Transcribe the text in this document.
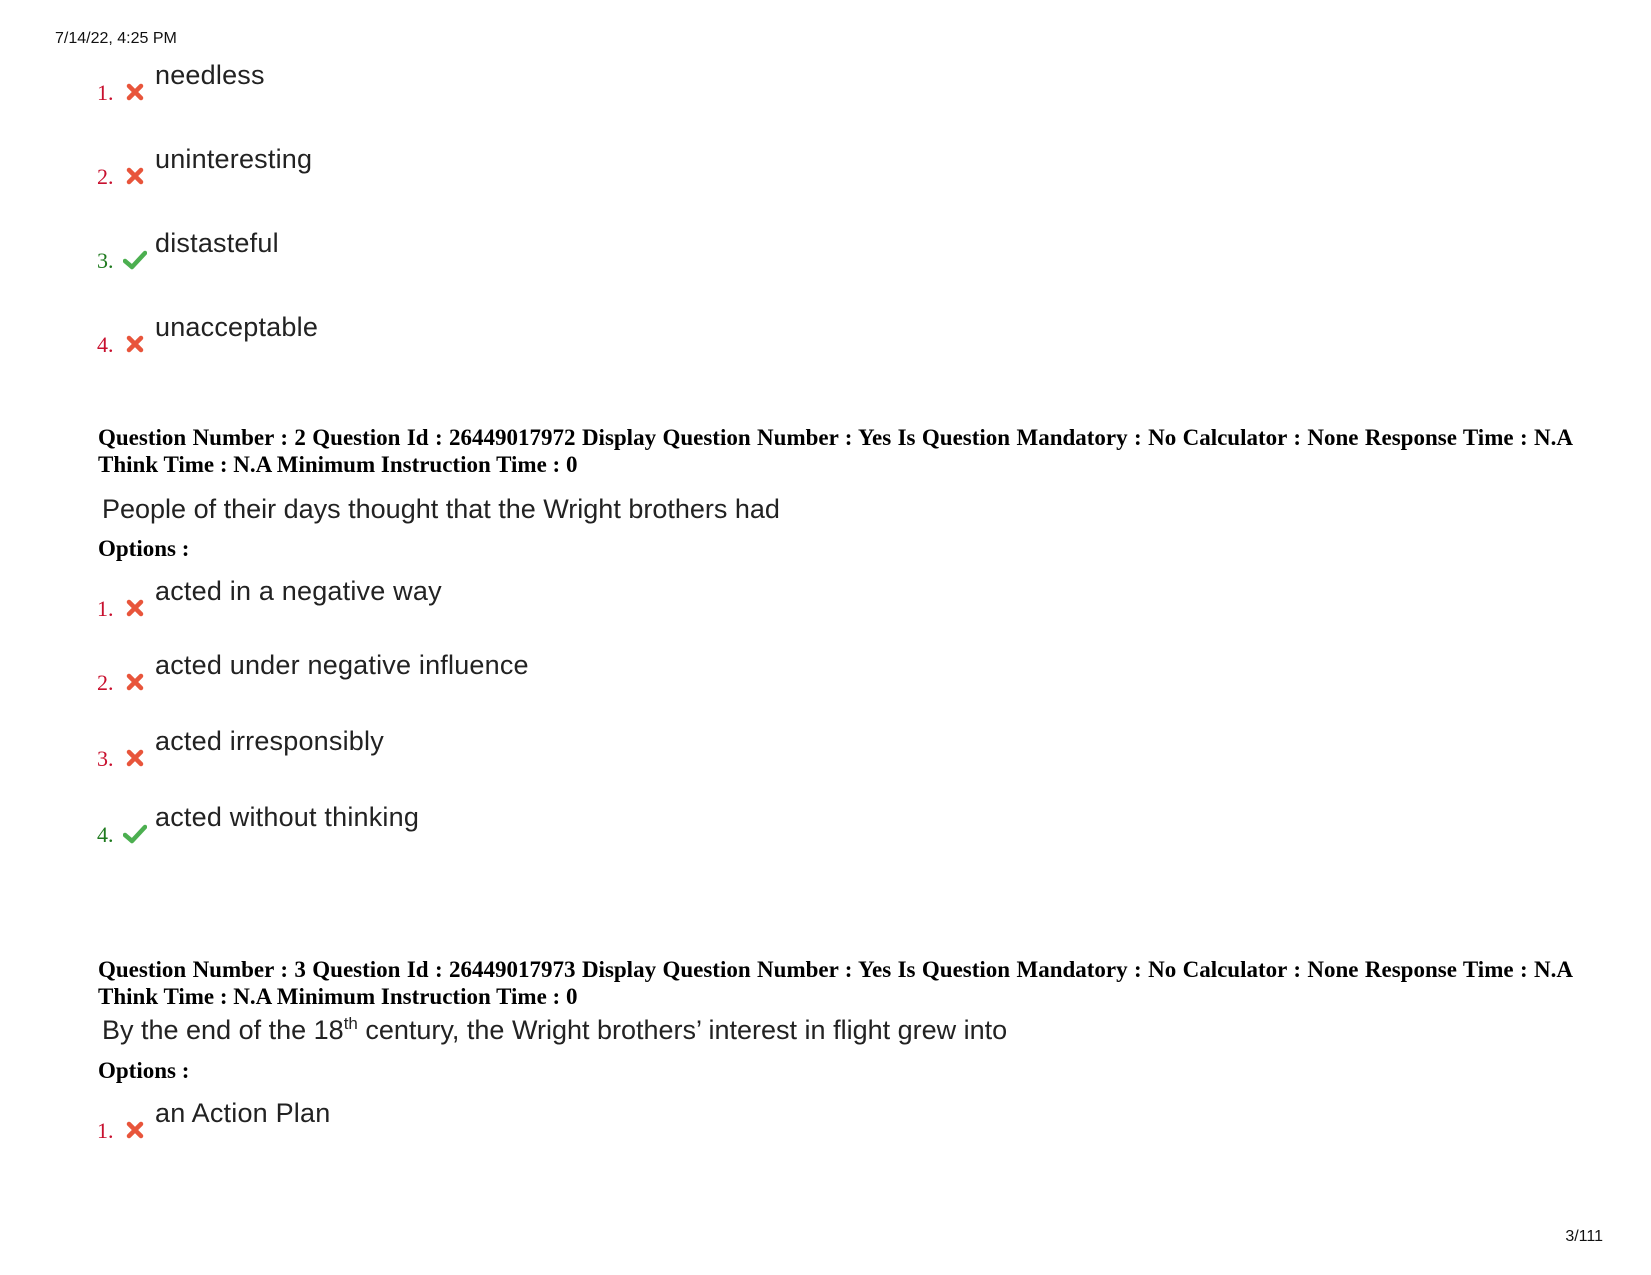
7/14/22, 4:25 PM
1.
needless
2.
uninteresting
3.
distasteful
4.
unacceptable
Question Number : 2 Question Id : 26449017972 Display Question Number : Yes Is Question Mandatory : No Calculator : None Response Time : N.A Think Time : N.A Minimum Instruction Time : 0
People of their days thought that the Wright brothers had
Options :
1.
acted in a negative way
2.
acted under negative influence
3.
acted irresponsibly
4.
acted without thinking
Question Number : 3 Question Id : 26449017973 Display Question Number : Yes Is Question Mandatory : No Calculator : None Response Time : N.A Think Time : N.A Minimum Instruction Time : 0
By the end of the 18th century, the Wright brothers’ interest in flight grew into
Options :
1.
an Action Plan
3/111
